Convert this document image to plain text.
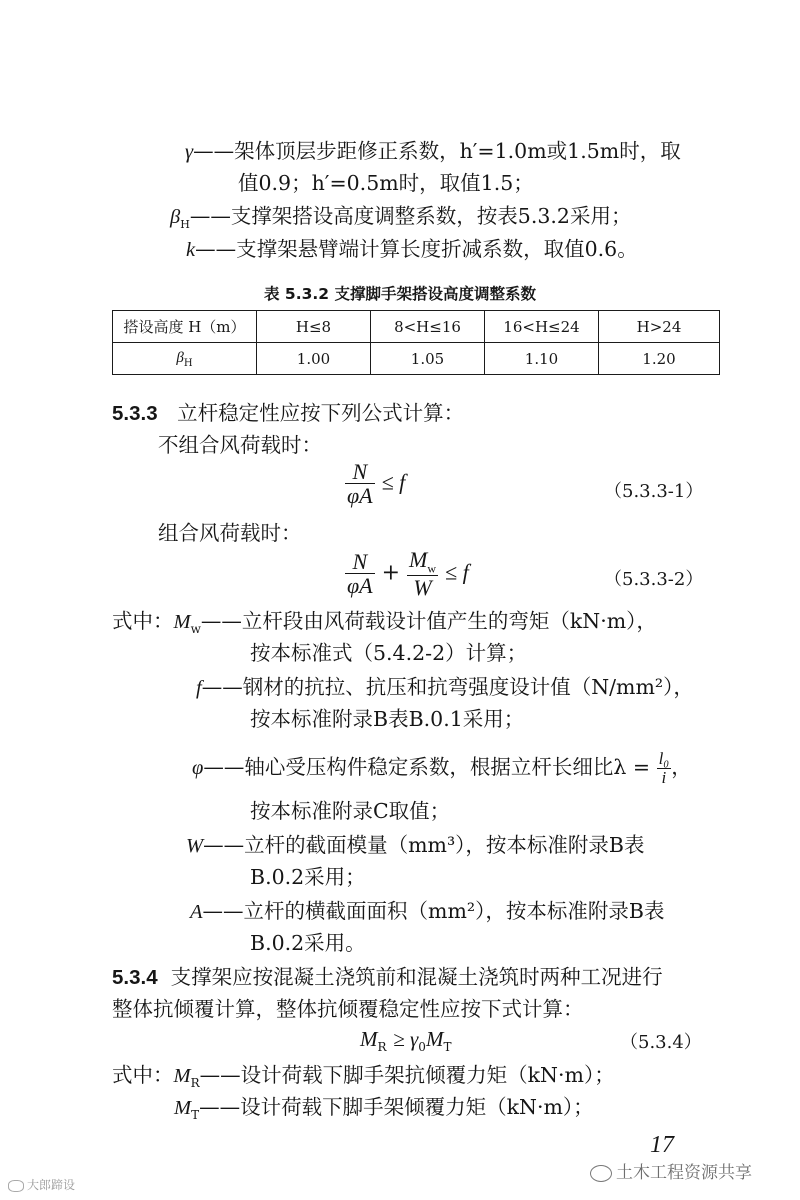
γ——架体顶层步距修正系数，h′=1.0m或1.5m时，取
值0.9；h′=0.5m时，取值1.5；
$\beta_H——$支撑架搭设高度调整系数，按表5.3.2采用；
k——支撑架悬臂端计算长度折减系数，取值0.6。
表 5.3.2 支撑脚手架搭设高度调整系数
搭设高度 H（m）	H≤8	8<H≤16	16<H≤24	H>24
$\beta_H$	1.00	1.05	1.10	1.20
5.3.3 立杆稳定性应按下列公式计算：
不组合风荷载时：
$\frac{N}{\varphi A} \le f$	（5.3.3-1）
组合风荷载时：
$\frac{N}{\varphi A} + \frac{M_w}{W} \le f$	（5.3.3-2）
式中：$M_w——$立杆段由风荷载设计值产生的弯矩（kN·m），
按本标准式（5.4.2-2）计算；
f——钢材的抗拉、抗压和抗弯强度设计值（N/mm²），
按本标准附录B表B.0.1采用；
φ——轴心受压构件稳定系数，根据立杆长细比$\lambda = \frac{\text{l₀}}{i}$ ，
按本标准附录C取值；
W——立杆的截面模量（mm³），按本标准附录B表
B.0.2采用；
A——立杆的横截面面积（mm²），按本标准附录B表
B.0.2采用。
5.3.4 支撑架应按混凝土浇筑前和混凝土浇筑时两种工况进行
整体抗倾覆计算，整体抗倾覆稳定性应按下式计算：
$M_R \ge \gamma_0M_T$	（5.3.4）
式中：$M_R——$设计荷载下脚手架抗倾覆力矩（kN·m）；
$M_T——$设计荷载下脚手架倾覆力矩（kN·m）；
17
土木工程资源共享
大郎蹄设
